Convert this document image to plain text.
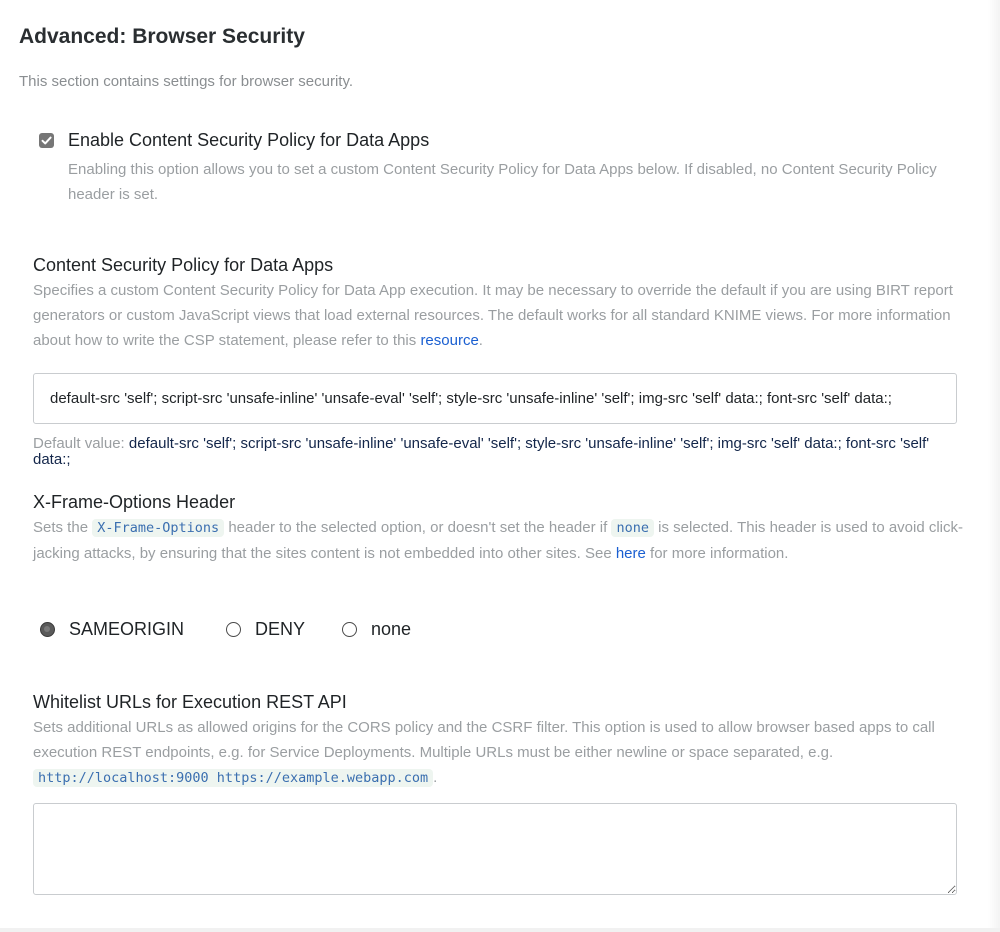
Advanced: Browser Security
This section contains settings for browser security.
Enable Content Security Policy for Data Apps
Enabling this option allows you to set a custom Content Security Policy for Data Apps below. If disabled, no Content Security Policy header is set.
Content Security Policy for Data Apps
Specifies a custom Content Security Policy for Data App execution. It may be necessary to override the default if you are using BIRT report generators or custom JavaScript views that load external resources. The default works for all standard KNIME views. For more information about how to write the CSP statement, please refer to this resource.
default-src 'self'; script-src 'unsafe-inline' 'unsafe-eval' 'self'; style-src 'unsafe-inline' 'self'; img-src 'self' data:; font-src 'self' data:;
Default value: default-src 'self'; script-src 'unsafe-inline' 'unsafe-eval' 'self'; style-src 'unsafe-inline' 'self'; img-src 'self' data:; font-src 'self' data:;
X-Frame-Options Header
Sets the X-Frame-Options header to the selected option, or doesn't set the header if none is selected. This header is used to avoid click-jacking attacks, by ensuring that the sites content is not embedded into other sites. See here for more information.
SAMEORIGIN	DENY	none
Whitelist URLs for Execution REST API
Sets additional URLs as allowed origins for the CORS policy and the CSRF filter. This option is used to allow browser based apps to call execution REST endpoints, e.g. for Service Deployments. Multiple URLs must be either newline or space separated, e.g. http://localhost:9000 https://example.webapp.com .
